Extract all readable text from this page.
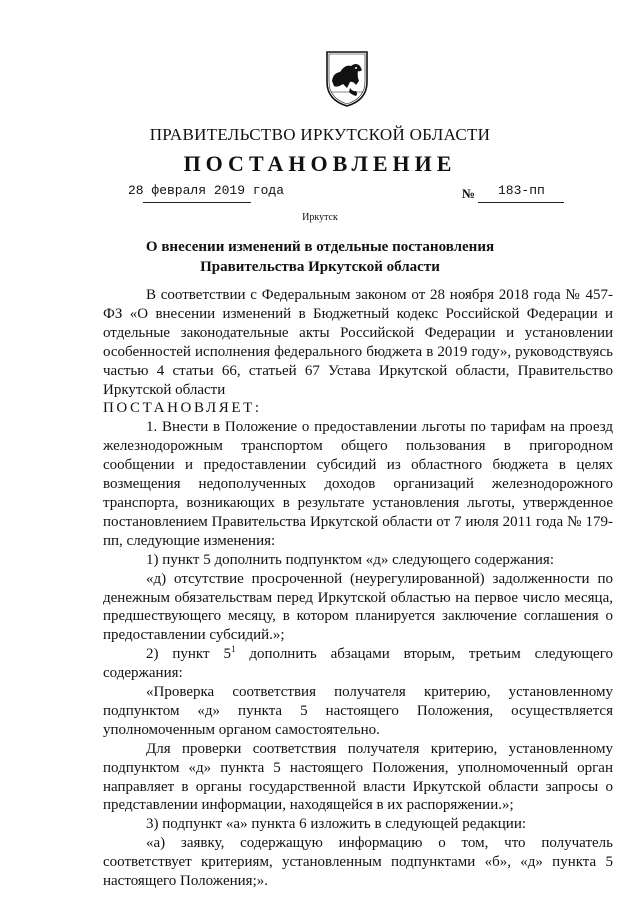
ПРАВИТЕЛЬСТВО ИРКУТСКОЙ ОБЛАСТИ
ПОСТАНОВЛЕНИЕ
28 февраля 2019 года	№ 183-пп
Иркутск
О внесении изменений в отдельные постановления Правительства Иркутской области

В соответствии с Федеральным законом от 28 ноября 2018 года № 457-ФЗ «О внесении изменений в Бюджетный кодекс Российской Федерации и отдельные законодательные акты Российской Федерации и установлении особенностей исполнения федерального бюджета в 2019 году», руководствуясь частью 4 статьи 66, статьей 67 Устава Иркутской области, Правительство Иркутской области

ПОСТАНОВЛЯЕТ:

1. Внести в Положение о предоставлении льготы по тарифам на проезд железнодорожным транспортом общего пользования в пригородном сообщении и предоставлении субсидий из областного бюджета в целях возмещения недополученных доходов организаций железнодорожного транспорта, возникающих в результате установления льготы, утвержденное постановлением Правительства Иркутской области от 7 июля 2011 года № 179-пп, следующие изменения:

1) пункт 5 дополнить подпунктом «д» следующего содержания:

«д) отсутствие просроченной (неурегулированной) задолженности по денежным обязательствам перед Иркутской областью на первое число месяца, предшествующего месяцу, в котором планируется заключение соглашения о предоставлении субсидий.»;

2) пункт $5^1$ дополнить абзацами вторым, третьим следующего содержания:

«Проверка соответствия получателя критерию, установленному подпунктом «д» пункта 5 настоящего Положения, осуществляется уполномоченным органом самостоятельно.

Для проверки соответствия получателя критерию, установленному подпунктом «д» пункта 5 настоящего Положения, уполномоченный орган направляет в органы государственной власти Иркутской области запросы о представлении информации, находящейся в их распоряжении.»;

3) подпункт «а» пункта 6 изложить в следующей редакции:

«а) заявку, содержащую информацию о том, что получатель соответствует критериям, установленным подпунктами «б», «д» пункта 5 настоящего Положения;».
